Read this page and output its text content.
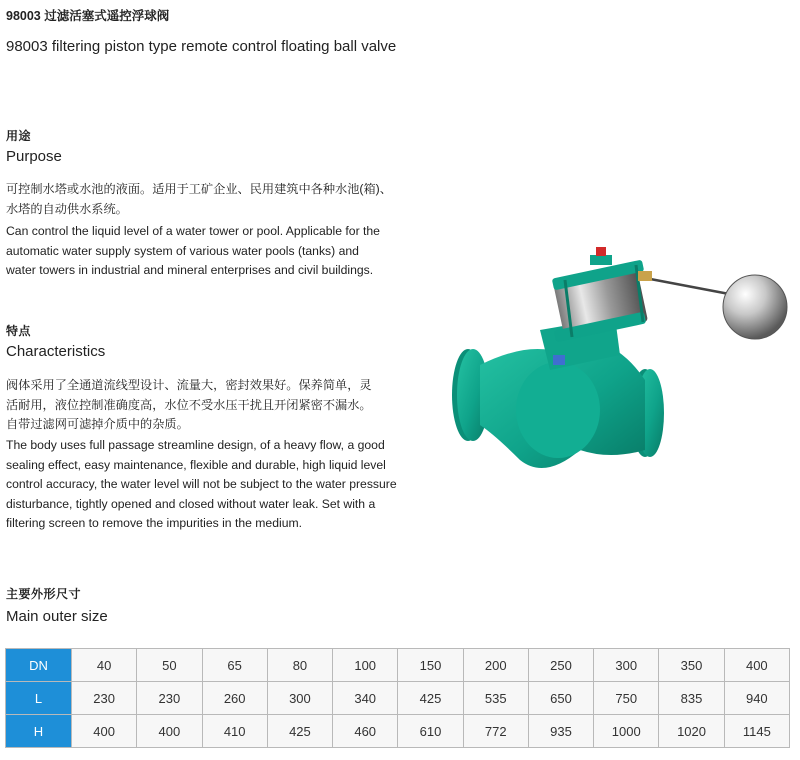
98003 过滤活塞式遥控浮球阀
98003 filtering piston type remote control floating ball valve
用途
Purpose
可控制水塔或水池的液面。适用于工矿企业、民用建筑中各种水池(箱)、
水塔的自动供水系统。
Can control the liquid level of a water tower or pool. Applicable for the
automatic water supply system of various water pools (tanks) and
water towers in industrial and mineral enterprises and civil buildings.
特点
Characteristics
阀体采用了全通道流线型设计、流量大，密封效果好。保养简单，灵
活耐用，液位控制准确度高，水位不受水压干扰且开闭紧密不漏水。
自带过滤网可滤掉介质中的杂质。
The body uses full passage streamline design, of a heavy flow, a good
sealing effect, easy maintenance, flexible and durable, high liquid level
control accuracy, the water level will not be subject to the water pressure
disturbance, tightly opened and closed without water leak. Set with a
filtering screen to remove the impurities in the medium.
主要外形尺寸
Main outer size
DN	40	50	65	80	100	150	200	250	300	350	400
L	230	230	260	300	340	425	535	650	750	835	940
H	400	400	410	425	460	610	772	935	1000	1020	1145
